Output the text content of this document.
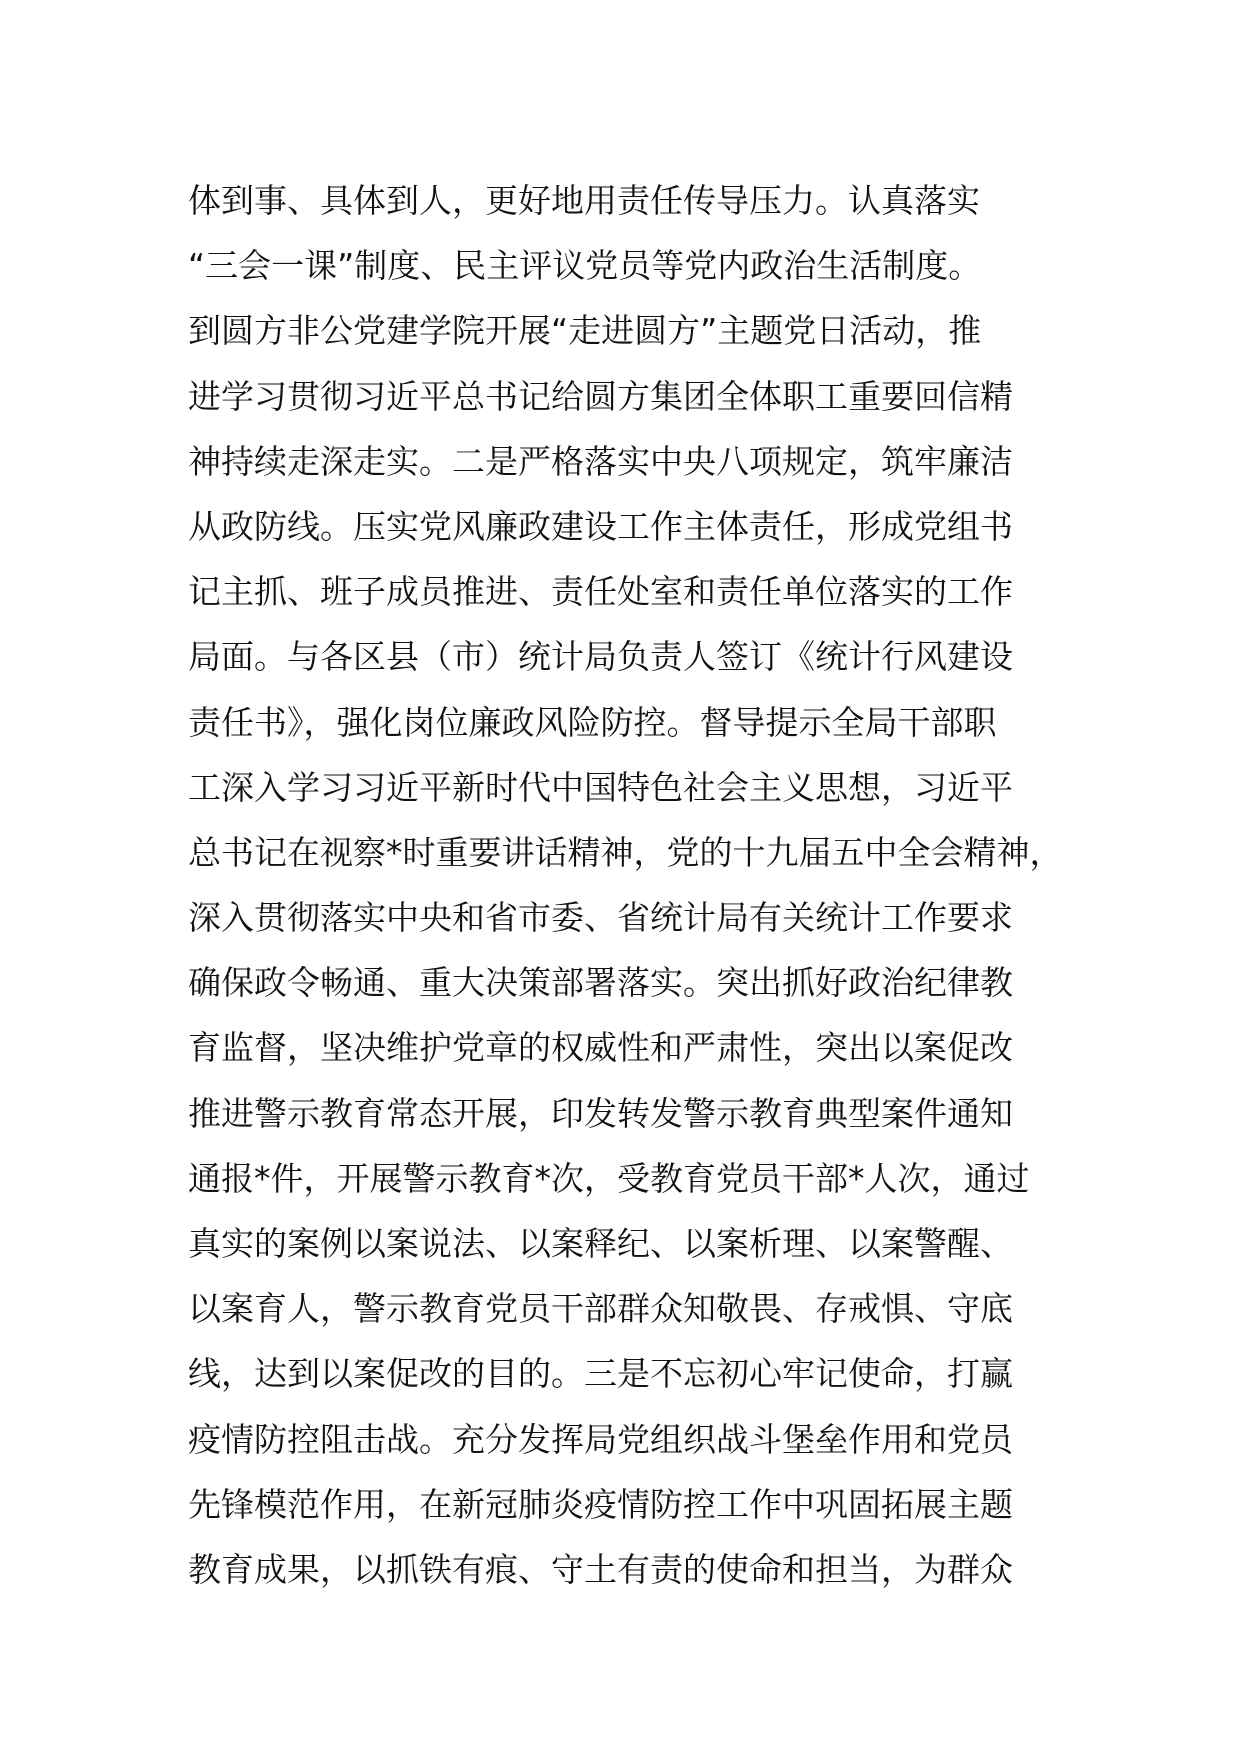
体到事、具体到人，更好地用责任传导压力。认真落实
“三会一课”制度、民主评议党员等党内政治生活制度。
到圆方非公党建学院开展“走进圆方”主题党日活动，推
进学习贯彻习近平总书记给圆方集团全体职工重要回信精
神持续走深走实。二是严格落实中央八项规定，筑牢廉洁
从政防线。压实党风廉政建设工作主体责任，形成党组书
记主抓、班子成员推进、责任处室和责任单位落实的工作
局面。与各区县（市）统计局负责人签订《统计行风建设
责任书》，强化岗位廉政风险防控。督导提示全局干部职
工深入学习习近平新时代中国特色社会主义思想，习近平
总书记在视察*时重要讲话精神，党的十九届五中全会精神，
深入贯彻落实中央和省市委、省统计局有关统计工作要求
确保政令畅通、重大决策部署落实。突出抓好政治纪律教
育监督，坚决维护党章的权威性和严肃性，突出以案促改
推进警示教育常态开展，印发转发警示教育典型案件通知
通报*件，开展警示教育*次，受教育党员干部*人次，通过
真实的案例以案说法、以案释纪、以案析理、以案警醒、
以案育人，警示教育党员干部群众知敬畏、存戒惧、守底
线，达到以案促改的目的。三是不忘初心牢记使命，打赢
疫情防控阻击战。充分发挥局党组织战斗堡垒作用和党员
先锋模范作用，在新冠肺炎疫情防控工作中巩固拓展主题
教育成果，以抓铁有痕、守土有责的使命和担当，为群众
